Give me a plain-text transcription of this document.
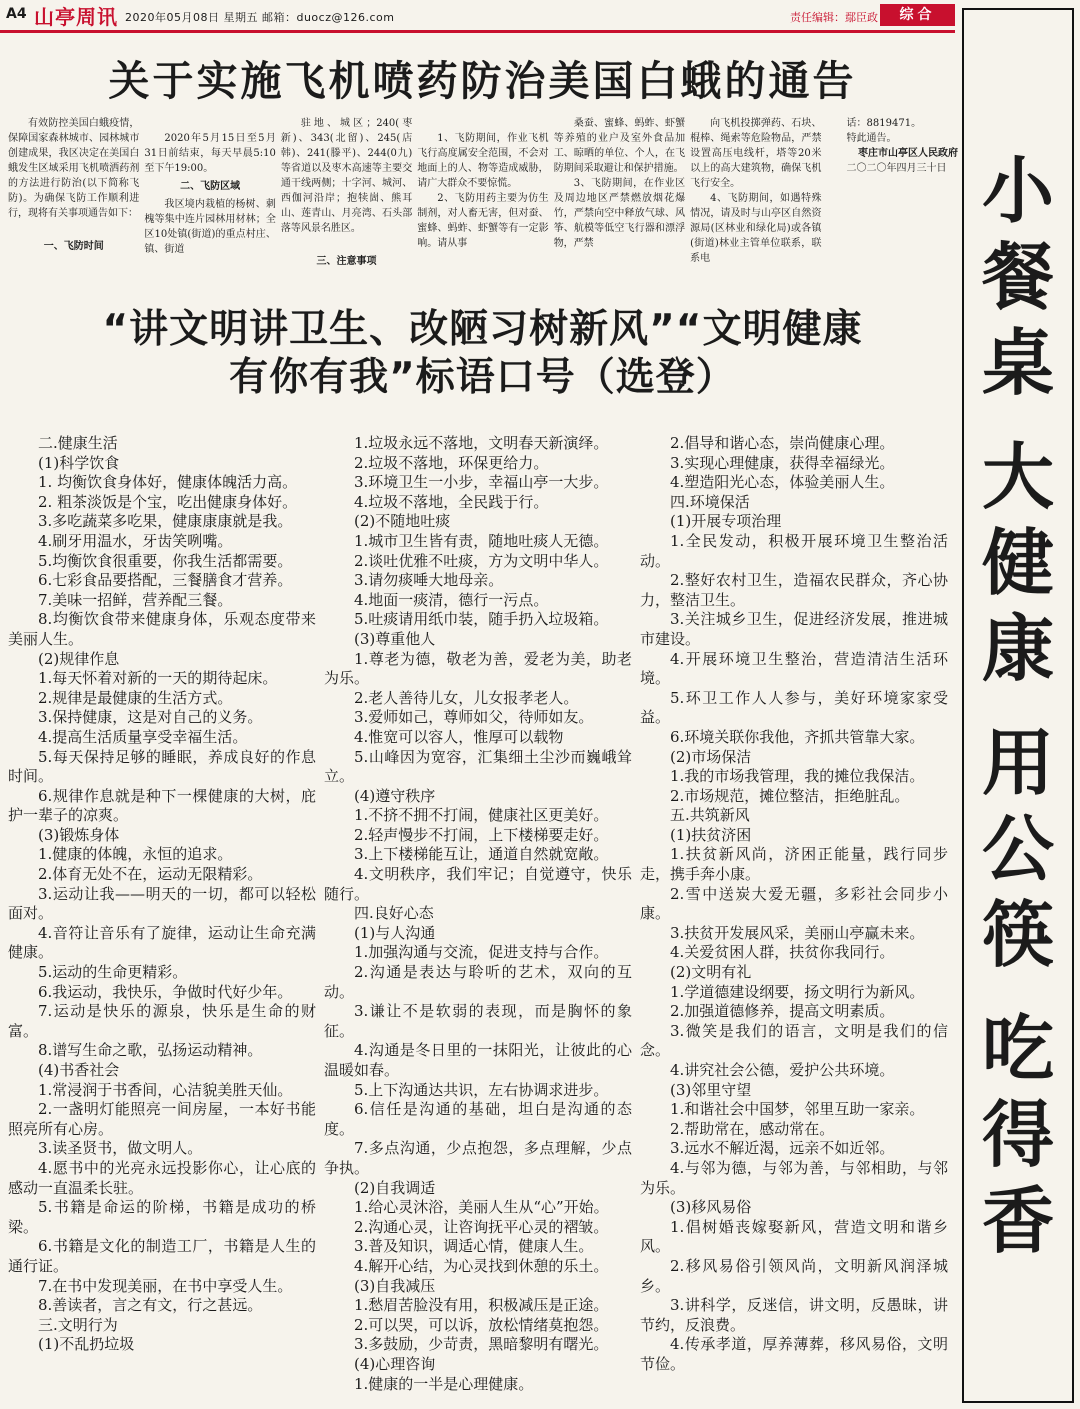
A4 山亭周讯 2020年05月08日 星期五 邮箱：duocz@126.com	责任编辑：鄢臣政	综合
小餐桌
大健康
用公筷
吃得香
关于实施飞机喷药防治美国白蛾的通告
有效防控美国白蛾疫情，保障国家森林城市、园林城市创建成果，我区决定在美国白蛾发生区域采用飞机喷洒药剂的方法进行防治(以下简称飞防)。为确保飞防工作顺利进行，现将有关事项通告如下：
一、飞防时间
2020年5月15日至5月31日前结束，每天早晨5:10至下午19:00。
二、飞防区域
我区境内栽植的杨树、刺槐等集中连片园林用材林；全区10处镇(街道)的重点村庄、镇、街道
驻地、城区；240(枣新)、343(北留)、245(店韩)、241(滕平)、244(0九)等省道以及枣木高速等主要交通干线两侧；十字河、城河、西伽河沿岸；抱犊崮、熊耳山、莲青山、月亮湾、石头部落等风景名胜区。
三、注意事项
1、飞防期间，作业飞机飞行高度属安全范围，不会对地面上的人、物等造成威胁，请广大群众不要惊慌。
2、飞防用药主要为仿生制剂，对人畜无害，但对蚕、蜜蜂、蚂蚱、虾蟹等有一定影响。请从事
桑蚕、蜜蜂、蚂蚱、虾蟹等养殖的业户及室外食品加工、晾晒的单位、个人，在飞防期间采取避让和保护措施。
3、飞防期间，在作业区及周边地区严禁燃放烟花爆竹，严禁向空中释放气球、风筝、航模等低空飞行器和漂浮物，严禁
向飞机投掷弹药、石块、棍棒、绳索等危险物品，严禁设置高压电线杆，塔等20米以上的高大建筑物，确保飞机飞行安全。
4、飞防期间，如遇特殊情况，请及时与山亭区自然资源局(区林业和绿化局)或各镇(街道)林业主管单位联系，联系电
话：8819471。
特此通告。
枣庄市山亭区人民政府
二〇二〇年四月三十日
“讲文明讲卫生、改陋习树新风”“文明健康
有你有我”标语口号（选登）

二.健康生活

(1)科学饮食

1. 均衡饮食身体好，健康体魄活力高。

2. 粗茶淡饭是个宝，吃出健康身体好。

3.多吃蔬菜多吃果，健康康康就是我。

4.刷牙用温水，牙齿笑咧嘴。

5.均衡饮食很重要，你我生活都需要。

6.七彩食品要搭配，三餐膳食才营养。

7.美味一招鲜，营养配三餐。

8.均衡饮食带来健康身体，乐观态度带来美丽人生。

(2)规律作息

1.每天怀着对新的一天的期待起床。

2.规律是最健康的生活方式。

3.保持健康，这是对自己的义务。

4.提高生活质量享受幸福生活。

5.每天保持足够的睡眠，养成良好的作息时间。

6.规律作息就是种下一棵健康的大树，庇护一辈子的凉爽。

(3)锻炼身体

1.健康的体魄，永恒的追求。

2.体育无处不在，运动无限精彩。

3.运动让我——明天的一切，都可以轻松面对。

4.音符让音乐有了旋律，运动让生命充满健康。

5.运动的生命更精彩。

6.我运动，我快乐，争做时代好少年。

7.运动是快乐的源泉，快乐是生命的财富。

8.谱写生命之歌，弘扬运动精神。

(4)书香社会

1.常浸润于书香间，心洁貌美胜天仙。

2.一盏明灯能照亮一间房屋，一本好书能照亮所有心房。

3.读圣贤书，做文明人。

4.愿书中的光亮永远投影你心，让心底的感动一直温柔长驻。

5.书籍是命运的阶梯，书籍是成功的桥梁。

6.书籍是文化的制造工厂，书籍是人生的通行证。

7.在书中发现美丽，在书中享受人生。

8.善读者，言之有文，行之甚远。

三.文明行为

(1)不乱扔垃圾

1.垃圾永远不落地，文明春天新演绎。

2.垃圾不落地，环保更给力。

3.环境卫生一小步，幸福山亭一大步。

4.垃圾不落地，全民践于行。

(2)不随地吐痰

1.城市卫生皆有责，随地吐痰人无德。

2.谈吐优雅不吐痰，方为文明中华人。

3.请勿痰唾大地母亲。

4.地面一痰清，德行一污点。

5.吐痰请用纸巾装，随手扔入垃圾箱。

(3)尊重他人

1.尊老为德，敬老为善，爱老为美，助老为乐。

2.老人善待儿女，儿女报孝老人。

3.爱师如己，尊师如父，待师如友。

4.惟宽可以容人，惟厚可以载物

5.山峰因为宽容，汇集细土尘沙而巍峨耸立。

(4)遵守秩序

1.不挤不拥不打闹，健康社区更美好。

2.轻声慢步不打闹，上下楼梯要走好。

3.上下楼梯能互让，通道自然就宽敞。

4.文明秩序，我们牢记；自觉遵守，快乐随行。

四.良好心态

(1)与人沟通

1.加强沟通与交流，促进支持与合作。

2.沟通是表达与聆听的艺术，双向的互动。

3.谦让不是软弱的表现，而是胸怀的象征。

4.沟通是冬日里的一抹阳光，让彼此的心温暖如春。

5.上下沟通达共识，左右协调求进步。

6.信任是沟通的基础，坦白是沟通的态度。

7.多点沟通，少点抱怨，多点理解，少点争执。

(2)自我调适

1.给心灵沐浴，美丽人生从“心”开始。

2.沟通心灵，让咨询抚平心灵的褶皱。

3.普及知识，调适心情，健康人生。

4.解开心结，为心灵找到休憩的乐土。

(3)自我减压

1.愁眉苦脸没有用，积极减压是正途。

2.可以哭，可以诉，放松情绪莫抱怨。

3.多鼓励，少苛责，黑暗黎明有曙光。

(4)心理咨询

1.健康的一半是心理健康。

2.倡导和谐心态，崇尚健康心理。

3.实现心理健康，获得幸福绿光。

4.塑造阳光心态，体验美丽人生。

四.环境保活

(1)开展专项治理

1.全民发动，积极开展环境卫生整治活动。

2.整好农村卫生，造福农民群众，齐心协力，整洁卫生。

3.关注城乡卫生，促进经济发展，推进城市建设。

4.开展环境卫生整治，营造清洁生活环境。

5.环卫工作人人参与，美好环境家家受益。

6.环境关联你我他，齐抓共管靠大家。

(2)市场保洁

1.我的市场我管理，我的摊位我保洁。

2.市场规范，摊位整洁，拒绝脏乱。

五.共筑新风

(1)扶贫济困

1.扶贫新风尚，济困正能量，践行同步走，携手奔小康。

2.雪中送炭大爱无疆，多彩社会同步小康。

3.扶贫开发展风采，美丽山亭赢未来。

4.关爱贫困人群，扶贫你我同行。

(2)文明有礼

1.学道德建设纲要，扬文明行为新风。

2.加强道德修养，提高文明素质。

3.微笑是我们的语言，文明是我们的信念。

4.讲究社会公德，爱护公共环境。

(3)邻里守望

1.和谐社会中国梦，邻里互助一家亲。

2.帮助常在，感动常在。

3.远水不解近渴，远亲不如近邻。

4.与邻为德，与邻为善，与邻相助，与邻为乐。

(3)移风易俗

1.倡树婚丧嫁娶新风，营造文明和谐乡风。

2.移风易俗引领风尚，文明新风润泽城乡。

3.讲科学，反迷信，讲文明，反愚昧，讲节约，反浪费。

4.传承孝道，厚养薄葬，移风易俗，文明节俭。
